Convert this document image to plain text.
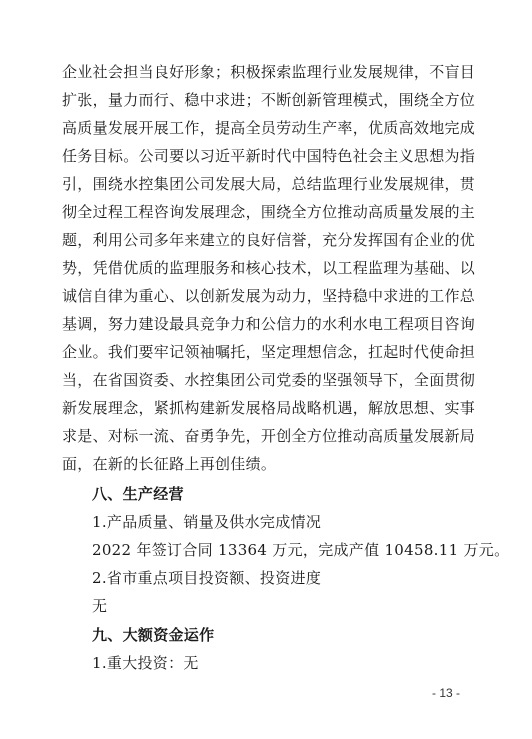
企业社会担当良好形象；积极探索监理行业发展规律，不盲目
扩张，量力而行、稳中求进；不断创新管理模式，围绕全方位
高质量发展开展工作，提高全员劳动生产率，优质高效地完成
任务目标。公司要以习近平新时代中国特色社会主义思想为指
引，围绕水控集团公司发展大局，总结监理行业发展规律，贯
彻全过程工程咨询发展理念，围绕全方位推动高质量发展的主
题，利用公司多年来建立的良好信誉，充分发挥国有企业的优
势，凭借优质的监理服务和核心技术，以工程监理为基础、以
诚信自律为重心、以创新发展为动力，坚持稳中求进的工作总
基调，努力建设最具竞争力和公信力的水利水电工程项目咨询
企业。我们要牢记领袖嘱托，坚定理想信念，扛起时代使命担
当，在省国资委、水控集团公司党委的坚强领导下，全面贯彻
新发展理念，紧抓构建新发展格局战略机遇，解放思想、实事
求是、对标一流、奋勇争先，开创全方位推动高质量发展新局
面，在新的长征路上再创佳绩。
八、生产经营
1.产品质量、销量及供水完成情况
2022 年签订合同 13364 万元，完成产值 10458.11 万元。
2.省市重点项目投资额、投资进度
无
九、大额资金运作
1.重大投资：无
- 13 -
